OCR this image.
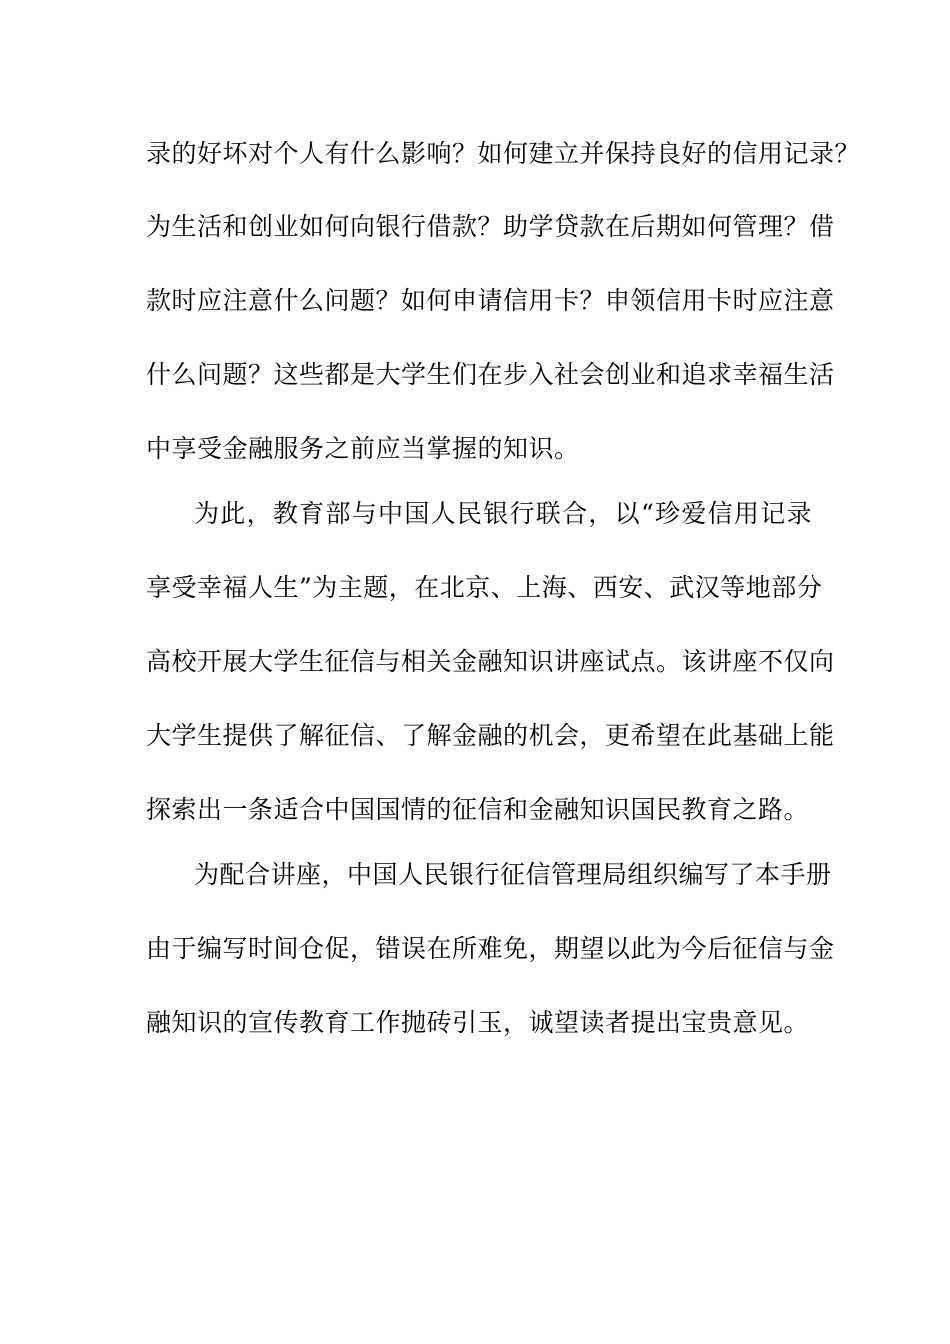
录的好坏对个人有什么影响？如何建立并保持良好的信用记录？
为生活和创业如何向银行借款？助学贷款在后期如何管理？借
款时应注意什么问题？如何申请信用卡？申领信用卡时应注意
什么问题？这些都是大学生们在步入社会创业和追求幸福生活
中享受金融服务之前应当掌握的知识。
为此，教育部与中国人民银行联合，以“珍爱信用记录
享受幸福人生”为主题，在北京、上海、西安、武汉等地部分
高校开展大学生征信与相关金融知识讲座试点。该讲座不仅向
大学生提供了解征信、了解金融的机会，更希望在此基础上能
探索出一条适合中国国情的征信和金融知识国民教育之路。
为配合讲座，中国人民银行征信管理局组织编写了本手册
由于编写时间仓促，错误在所难免，期望以此为今后征信与金
融知识的宣传教育工作抛砖引玉，诚望读者提出宝贵意见。
